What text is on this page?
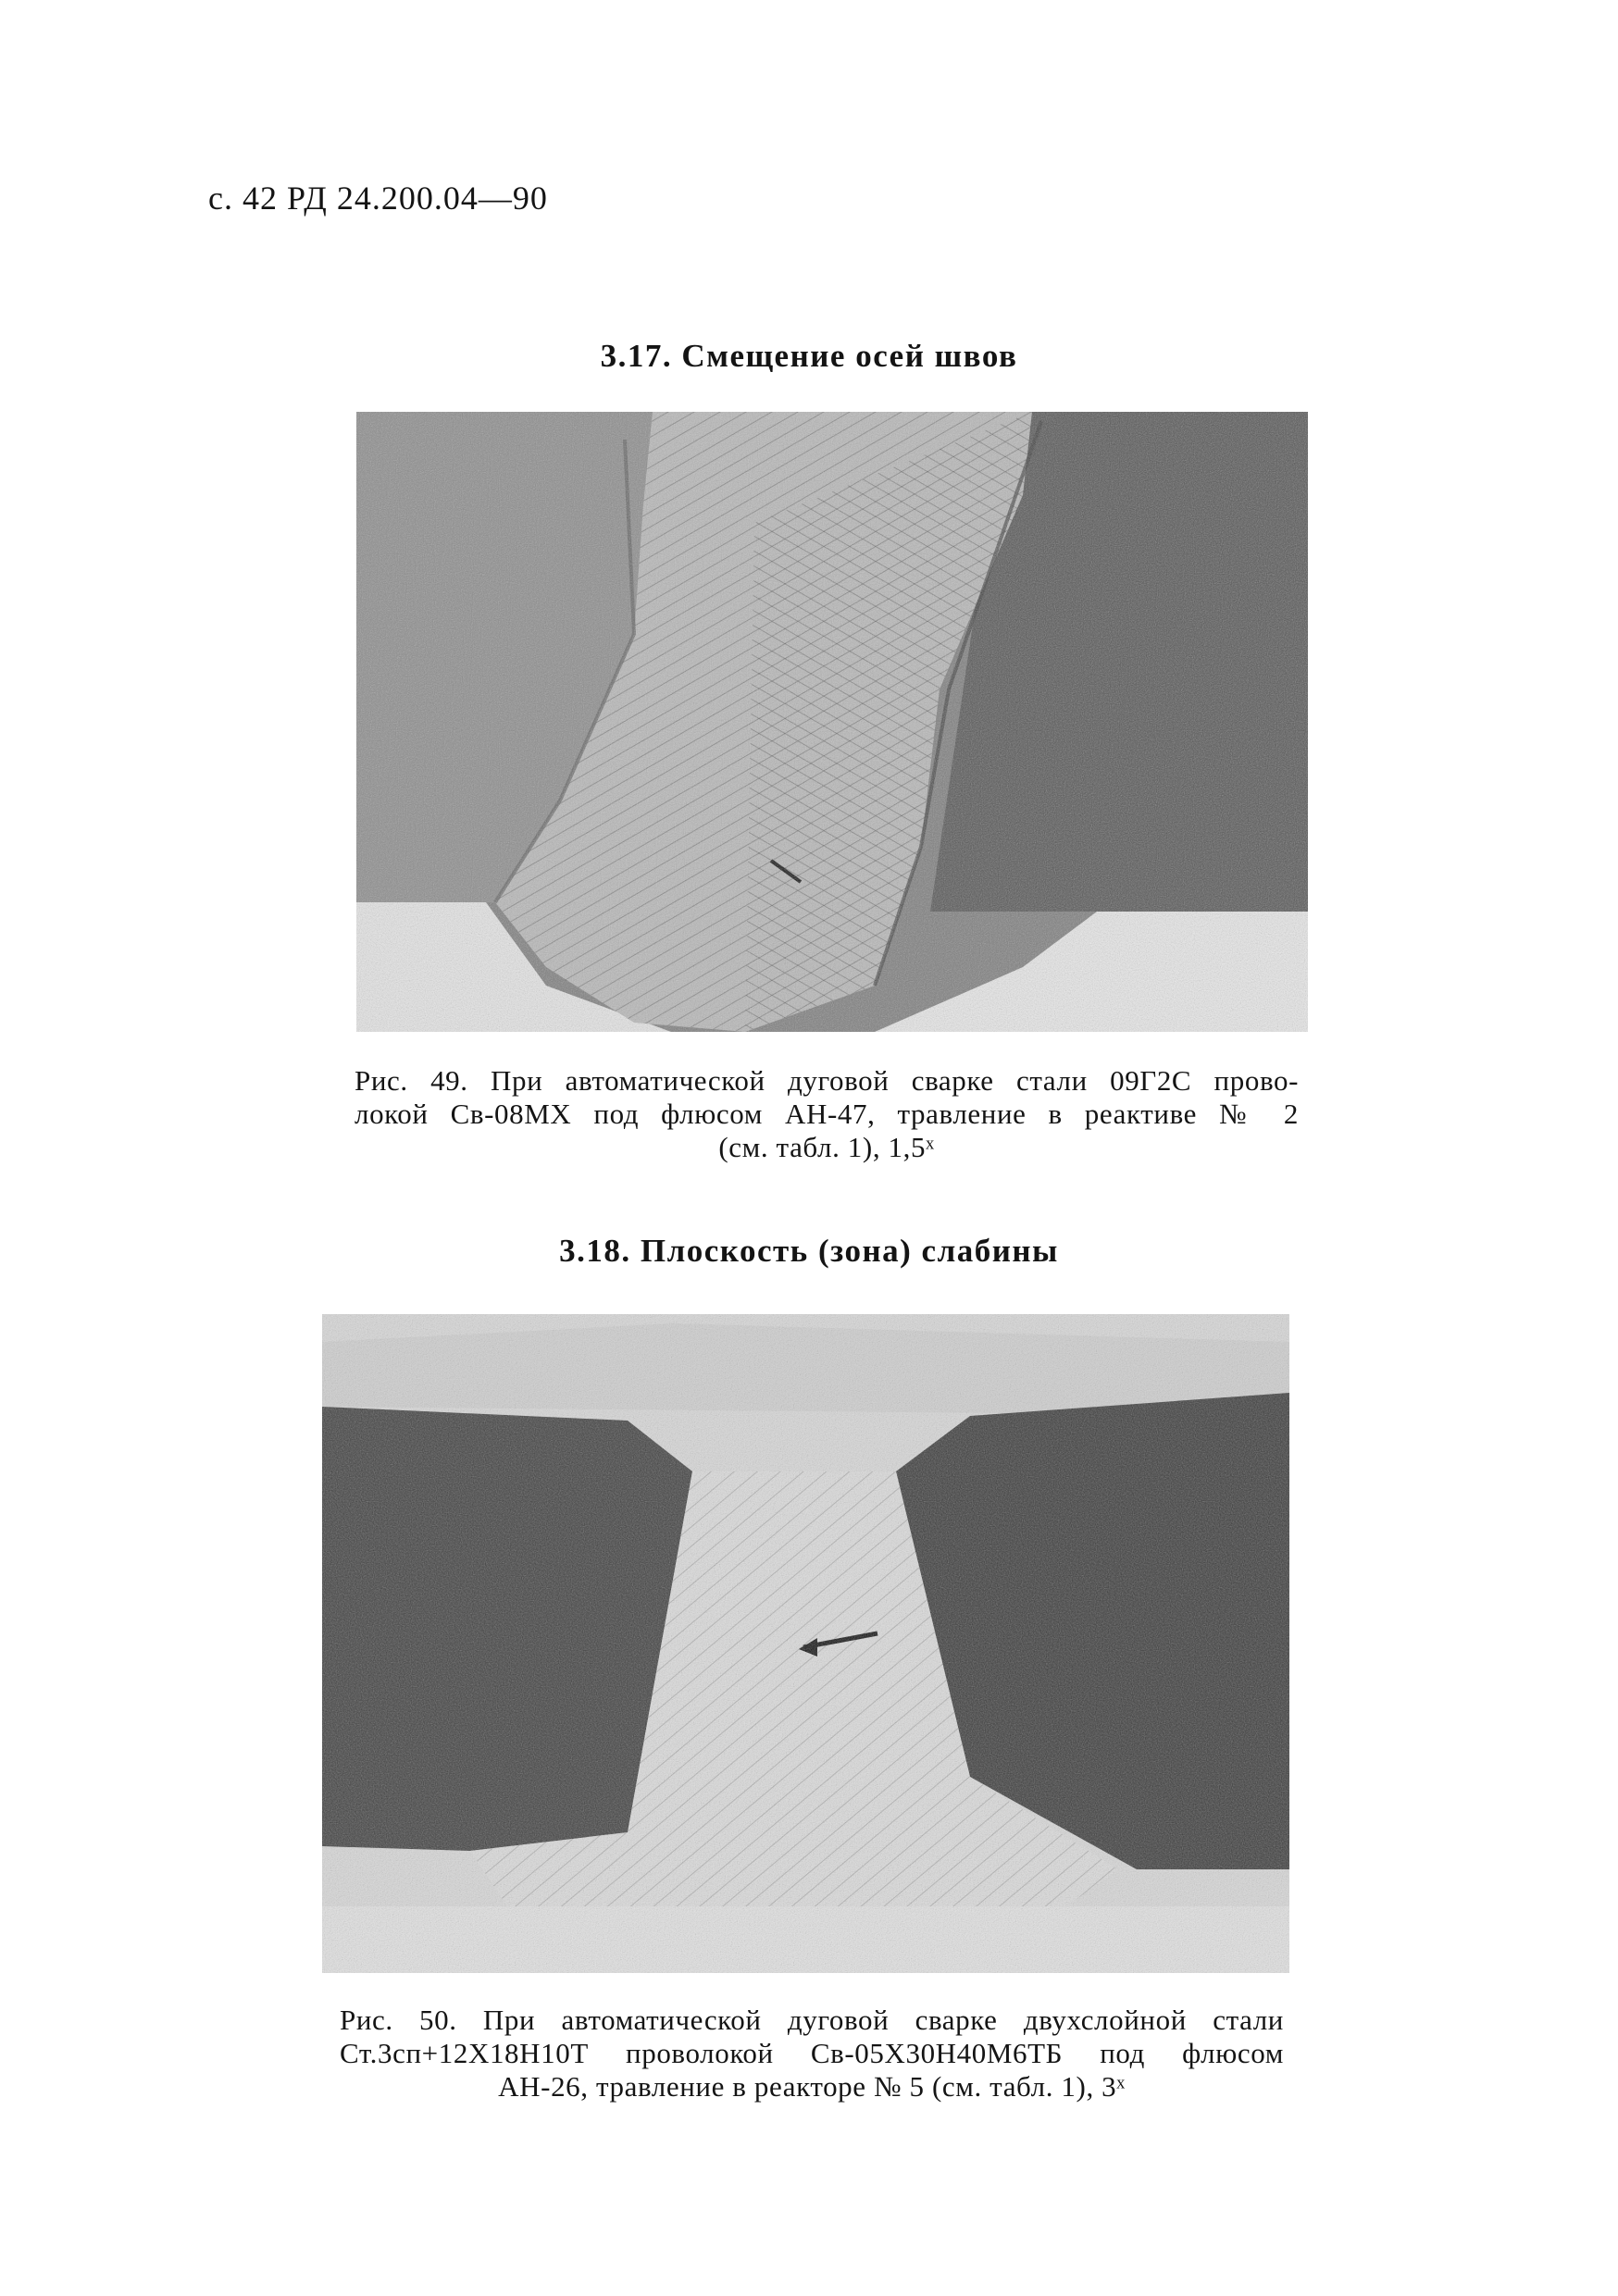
с. 42 РД 24.200.04—90
3.17. Смещение осей швов
Рис. 49. При автоматической дуговой сварке стали 09Г2С прово-
локой Св-08МХ под флюсом АН-47, травление в реактиве № 2
(см. табл. 1), 1,5ˣ
3.18. Плоскость (зона) слабины
Рис. 50. При автоматической дуговой сварке двухслойной стали
Ст.3сп+12Х18Н10Т проволокой Св-05Х30Н40М6ТБ под флюсом
АН-26, травление в реакторе № 5 (см. табл. 1), 3ˣ
